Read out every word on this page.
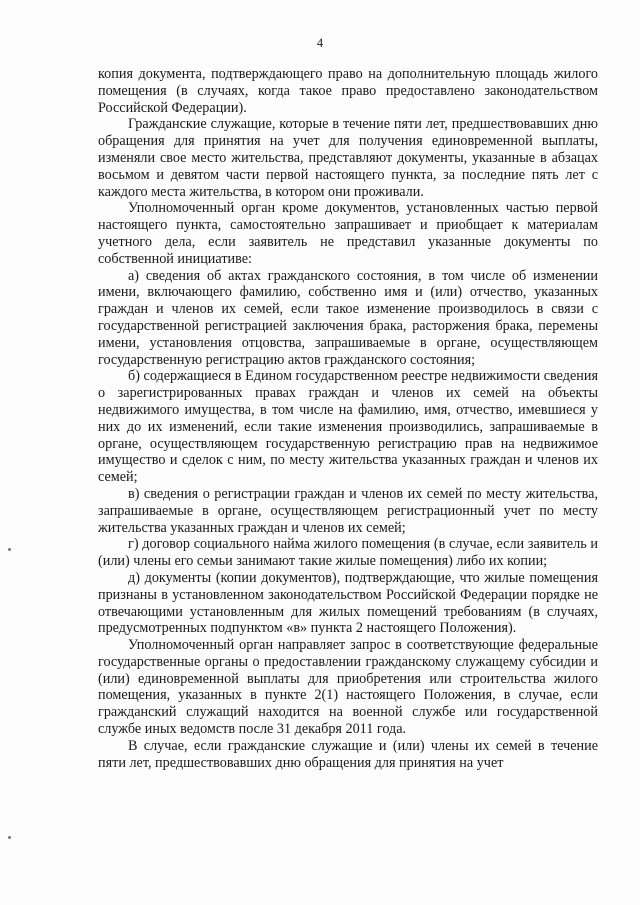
4

копия документа, подтверждающего право на дополнительную площадь жилого помещения (в случаях, когда такое право предоставлено законодательством Российской Федерации).

Гражданские служащие, которые в течение пяти лет, предшествовавших дню обращения для принятия на учет для получения единовременной выплаты, изменяли свое место жительства, представляют документы, указанные в абзацах восьмом и девятом части первой настоящего пункта, за последние пять лет с каждого места жительства, в котором они проживали.

Уполномоченный орган кроме документов, установленных частью первой настоящего пункта, самостоятельно запрашивает и приобщает к материалам учетного дела, если заявитель не представил указанные документы по собственной инициативе:

а) сведения об актах гражданского состояния, в том числе об изменении имени, включающего фамилию, собственно имя и (или) отчество, указанных граждан и членов их семей, если такое изменение производилось в связи с государственной регистрацией заключения брака, расторжения брака, перемены имени, установления отцовства, запрашиваемые в органе, осуществляющем государственную регистрацию актов гражданского состояния;

б) содержащиеся в Едином государственном реестре недвижимости сведения о зарегистрированных правах граждан и членов их семей на объекты недвижимого имущества, в том числе на фамилию, имя, отчество, имевшиеся у них до их изменений, если такие изменения производились, запрашиваемые в органе, осуществляющем государственную регистрацию прав на недвижимое имущество и сделок с ним, по месту жительства указанных граждан и членов их семей;

в) сведения о регистрации граждан и членов их семей по месту жительства, запрашиваемые в органе, осуществляющем регистрационный учет по месту жительства указанных граждан и членов их семей;

г) договор социального найма жилого помещения (в случае, если заявитель и (или) члены его семьи занимают такие жилые помещения) либо их копии;

д) документы (копии документов), подтверждающие, что жилые помещения признаны в установленном законодательством Российской Федерации порядке не отвечающими установленным для жилых помещений требованиям (в случаях, предусмотренных подпунктом «в» пункта 2 настоящего Положения).

Уполномоченный орган направляет запрос в соответствующие федеральные государственные органы о предоставлении гражданскому служащему субсидии и (или) единовременной выплаты для приобретения или строительства жилого помещения, указанных в пункте 2(1) настоящего Положения, в случае, если гражданский служащий находится на военной службе или государственной службе иных ведомств после 31 декабря 2011 года.

В случае, если гражданские служащие и (или) члены их семей в течение пяти лет, предшествовавших дню обращения для принятия на учет
